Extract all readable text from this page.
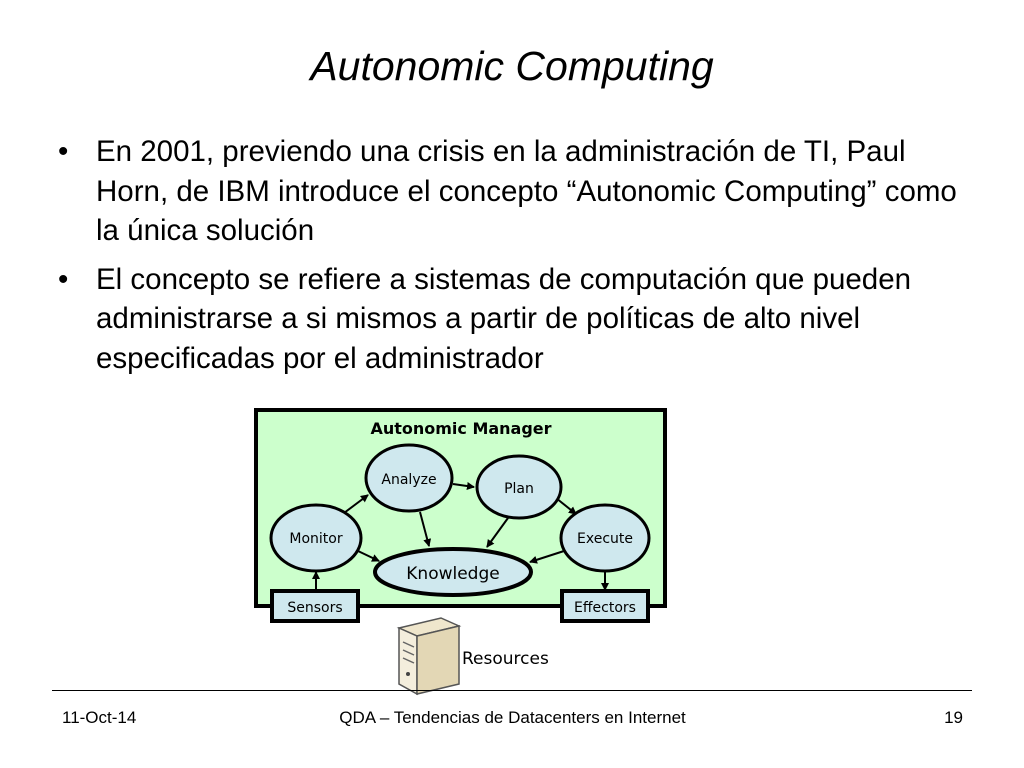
Autonomic Computing
• En 2001, previendo una crisis en la administración de TI, Paul Horn, de IBM introduce el concepto “Autonomic Computing” como la única solución
• El concepto se refiere a sistemas de computación que pueden administrarse a si mismos a partir de políticas de alto nivel especificadas por el administrador
Autonomic Manager
Analyze
Plan
Monitor	Execute
Knowledge
Sensors	Effectors
Resources
11-Oct-14	QDA – Tendencias de Datacenters en Internet	19
